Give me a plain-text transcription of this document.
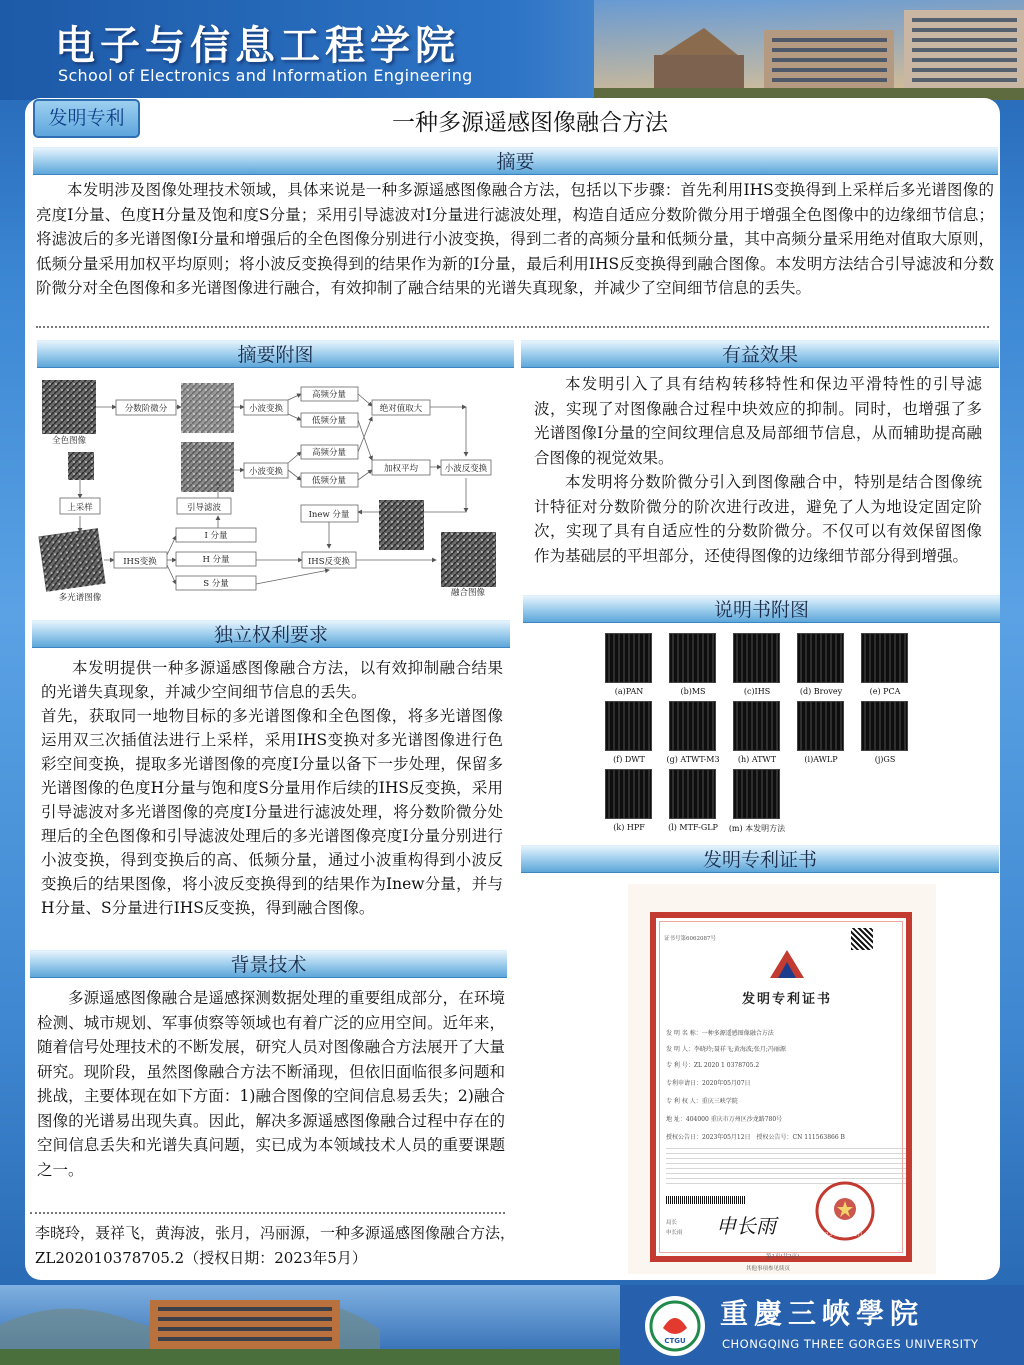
电子与信息工程学院
School of Electronics and Information Engineering
发明专利	一种多源遥感图像融合方法
摘要

本发明涉及图像处理技术领域，具体来说是一种多源遥感图像融合方法，包括以下步骤：首先利用IHS变换得到上采样后多光谱图像的亮度I分量、色度H分量及饱和度S分量；采用引导滤波对I分量进行滤波处理，构造自适应分数阶微分用于增强全色图像中的边缘细节信息；将滤波后的多光谱图像I分量和增强后的全色图像分别进行小波变换，得到二者的高频分量和低频分量，其中高频分量采用绝对值取大原则，低频分量采用加权平均原则；将小波反变换得到的结果作为新的I分量，最后利用IHS反变换得到融合图像。本发明方法结合引导滤波和分数阶微分对全色图像和多光谱图像进行融合，有效抑制了融合结果的光谱失真现象，并减少了空间细节信息的丢失。

摘要附图
全色图像
分数阶微分	小波变换
高频分量
低频分量
小波变换
高频分量
低频分量
绝对值取大
加权平均	小波反变换
Inew 分量
上采样	引导滤波
IHS变换
I 分量
H 分量
S 分量
IHS反变换
多光谱图像	融合图像
有益效果

本发明引入了具有结构转移特性和保边平滑特性的引导滤波，实现了对图像融合过程中块效应的抑制。同时，也增强了多光谱图像I分量的空间纹理信息及局部细节信息，从而辅助提高融合图像的视觉效果。

本发明将分数阶微分引入到图像融合中，特别是结合图像统计特征对分数阶微分的阶次进行改进，避免了人为地设定固定阶次，实现了具有自适应性的分数阶微分。不仅可以有效保留图像作为基础层的平坦部分，还使得图像的边缘细节部分得到增强。

说明书附图
(a)PAN	(b)MS	(c)IHS	(d) Brovey	(e) PCA
(f) DWT	(g) ATWT-M3	(h) ATWT	(i)AWLP	(j)GS
(k) HPF	(l) MTF-GLP	(m) 本发明方法
独立权利要求

本发明提供一种多源遥感图像融合方法，以有效抑制融合结果的光谱失真现象，并减少空间细节信息的丢失。

首先，获取同一地物目标的多光谱图像和全色图像，将多光谱图像运用双三次插值法进行上采样，采用IHS变换对多光谱图像进行色彩空间变换，提取多光谱图像的亮度I分量以备下一步处理，保留多光谱图像的色度H分量与饱和度S分量用作后续的IHS反变换，采用引导滤波对多光谱图像的亮度I分量进行滤波处理，将分数阶微分处理后的全色图像和引导滤波处理后的多光谱图像亮度I分量分别进行小波变换，得到变换后的高、低频分量，通过小波重构得到小波反变换后的结果图像，将小波反变换得到的结果作为Inew分量，并与H分量、S分量进行IHS反变换，得到融合图像。

背景技术

多源遥感图像融合是遥感探测数据处理的重要组成部分，在环境检测、城市规划、军事侦察等领域也有着广泛的应用空间。近年来，随着信号处理技术的不断发展，研究人员对图像融合方法展开了大量研究。现阶段，虽然图像融合方法不断涌现，但依旧面临很多问题和挑战，主要体现在如下方面：1)融合图像的空间信息易丢失；2)融合图像的光谱易出现失真。因此，解决多源遥感图像融合过程中存在的空间信息丢失和光谱失真问题，实已成为本领域技术人员的重要课题之一。

李晓玲，聂祥飞，黄海波，张月，冯丽源，一种多源遥感图像融合方法，ZL202010378705.2（授权日期：2023年5月）
发明专利证书
证书号第6062087号
发明专利证书
发 明 名 称：一种多源遥感图像融合方法
发 明 人：李晓玲;聂祥飞;黄海波;张月;冯丽源
专 利 号：ZL 2020 1 0378705.2
专利申请日：2020年05月07日
专 利 权 人：重庆三峡学院
地 址：404000 重庆市万州区沙龙路780号
授权公告日：2023年05月12日　授权公告号：CN 111563866 B
局长
申长雨 申长雨	2023年05月12日
第1页(共2页)
其他事项参见续页
CTGU
重慶三峽學院
CHONGQING THREE GORGES UNIVERSITY
